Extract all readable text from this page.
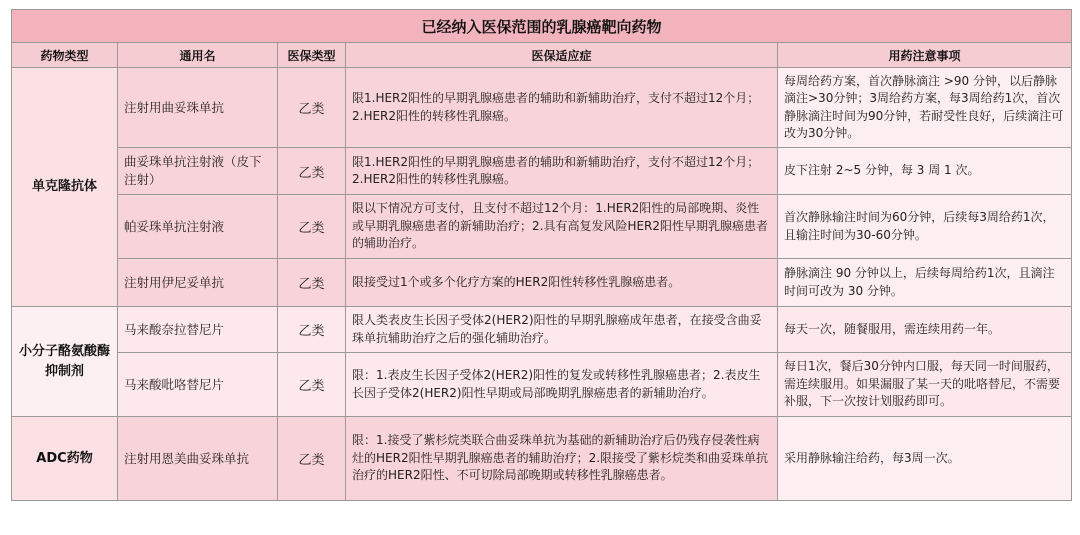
已经纳入医保范围的乳腺癌靶向药物				
药物类型	通用名	医保类型	医保适应症	用药注意事项
单克隆抗体	注射用曲妥珠单抗	乙类	限1.HER2阳性的早期乳腺癌患者的辅助和新辅助治疗，支付不超过12个月；2.HER2阳性的转移性乳腺癌。	每周给药方案，首次静脉滴注 >90 分钟，以后静脉滴注>30分钟；3周给药方案，每3周给药1次，首次静脉滴注时间为90分钟，若耐受性良好，后续滴注可改为30分钟。
	曲妥珠单抗注射液（皮下注射）	乙类	限1.HER2阳性的早期乳腺癌患者的辅助和新辅助治疗，支付不超过12个月；2.HER2阳性的转移性乳腺癌。	皮下注射 2~5 分钟，每 3 周 1 次。
	帕妥珠单抗注射液	乙类	限以下情况方可支付，且支付不超过12个月：1.HER2阳性的局部晚期、炎性或早期乳腺癌患者的新辅助治疗；2.具有高复发风险HER2阳性早期乳腺癌患者的辅助治疗。	首次静脉输注时间为60分钟，后续每3周给药1次，且输注时间为30-60分钟。
	注射用伊尼妥单抗	乙类	限接受过1个或多个化疗方案的HER2阳性转移性乳腺癌患者。	静脉滴注 90 分钟以上，后续每周给药1次，且滴注时间可改为 30 分钟。
小分子酪氨酸酶抑制剂	马来酸奈拉替尼片	乙类	限人类表皮生长因子受体2(HER2)阳性的早期乳腺癌成年患者，在接受含曲妥珠单抗辅助治疗之后的强化辅助治疗。	每天一次，随餐服用，需连续用药一年。
	马来酸吡咯替尼片	乙类	限：1.表皮生长因子受体2(HER2)阳性的复发或转移性乳腺癌患者；2.表皮生长因子受体2(HER2)阳性早期或局部晚期乳腺癌患者的新辅助治疗。	每日1次，餐后30分钟内口服，每天同一时间服药，需连续服用。如果漏服了某一天的吡咯替尼，不需要补服，下一次按计划服药即可。
ADC药物	注射用恩美曲妥珠单抗	乙类	限：1.接受了紫杉烷类联合曲妥珠单抗为基础的新辅助治疗后仍残存侵袭性病灶的HER2阳性早期乳腺癌患者的辅助治疗；2.限接受了紫杉烷类和曲妥珠单抗治疗的HER2阳性、不可切除局部晚期或转移性乳腺癌患者。	采用静脉输注给药，每3周一次。
